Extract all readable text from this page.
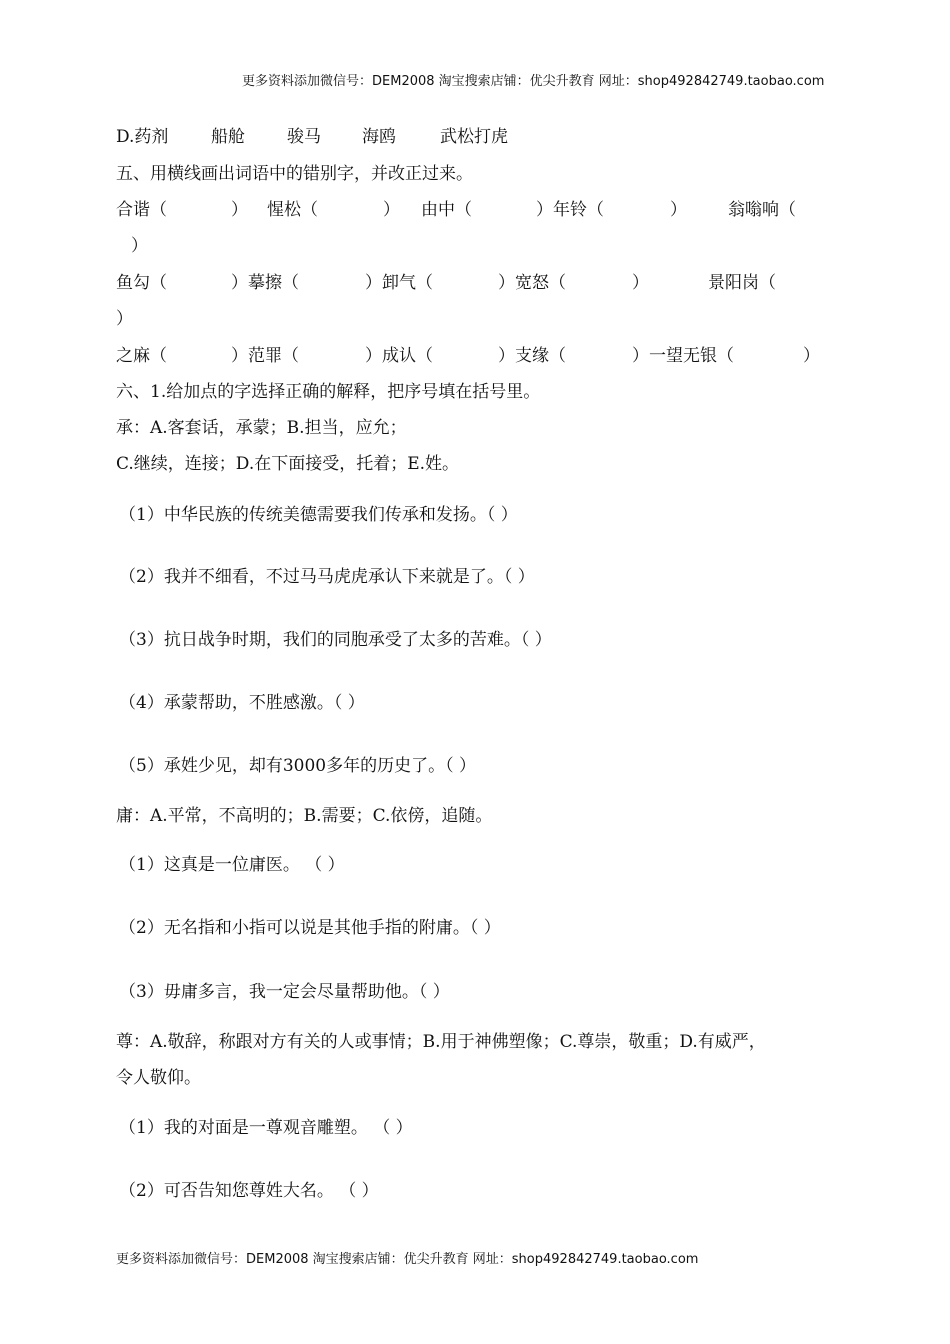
更多资料添加微信号：DEM2008 淘宝搜索店铺：优尖升教育 网址：shop492842749.taobao.com
D.药剂	船舱 骏马 海鸥	武松打虎
五、用横线画出词语中的错别字，并改正过来。
合谐（	） 惺松（	） 由中（	）年铃（	） 翁嗡响（
）
鱼勾（	）摹擦（	）卸气（	）宽怒（	）	景阳岗（
）
之麻（	）范罪（	）成认（	）支缘（	）一望无银（	）
六、1.给加点的字选择正确的解释，把序号填在括号里。
承：A.客套话，承蒙；B.担当，应允；
C.继续，连接；D.在下面接受，托着；E.姓。
（1）中华民族的传统美德需要我们传承和发扬。（ ）
（2）我并不细看，不过马马虎虎承认下来就是了。（ ）
（3）抗日战争时期，我们的同胞承受了太多的苦难。（ ）
（4）承蒙帮助，不胜感激。（ ）
（5）承姓少见，却有3000多年的历史了。（ ）
庸：A.平常，不高明的；B.需要；C.依傍，追随。
（1）这真是一位庸医。 （ ）
（2）无名指和小指可以说是其他手指的附庸。（ ）
（3）毋庸多言，我一定会尽量帮助他。（ ）
尊：A.敬辞，称跟对方有关的人或事情；B.用于神佛塑像；C.尊崇，敬重；D.有威严，
令人敬仰。
（1）我的对面是一尊观音雕塑。 （ ）
（2）可否告知您尊姓大名。 （ ）
更多资料添加微信号：DEM2008 淘宝搜索店铺：优尖升教育 网址：shop492842749.taobao.com
